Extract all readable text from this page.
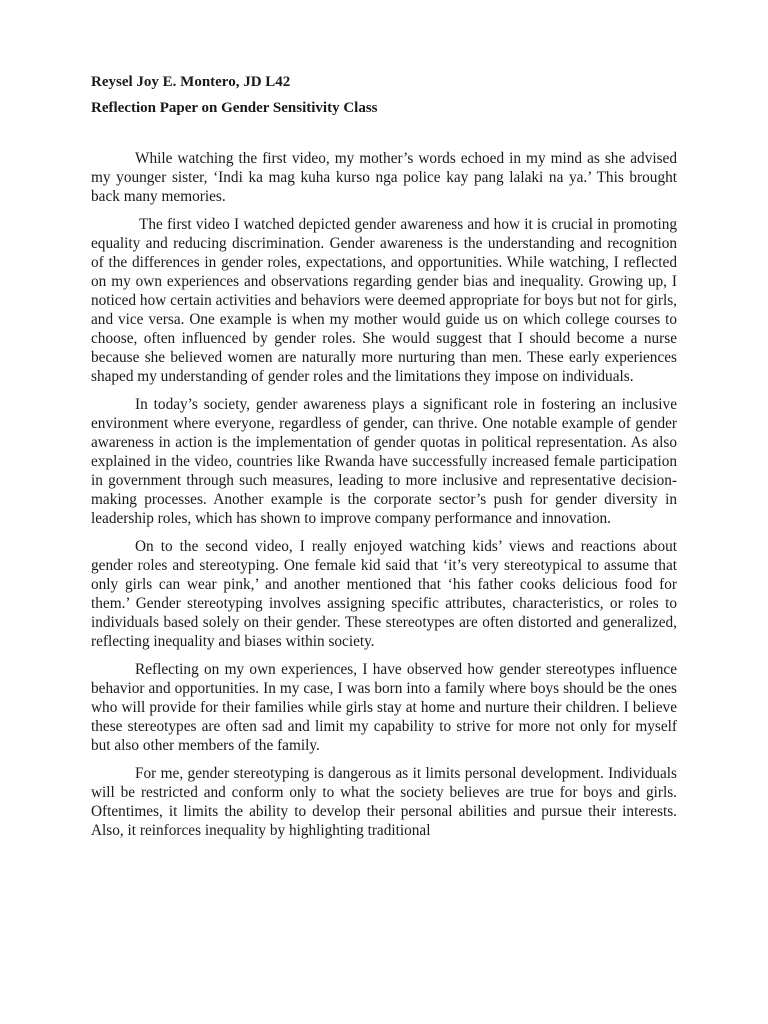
Reysel Joy E. Montero, JD L42

Reflection Paper on Gender Sensitivity Class

While watching the first video, my mother’s words echoed in my mind as she advised my younger sister, ‘Indi ka mag kuha kurso nga police kay pang lalaki na ya.’ This brought back many memories.

The first video I watched depicted gender awareness and how it is crucial in promoting equality and reducing discrimination. Gender awareness is the understanding and recognition of the differences in gender roles, expectations, and opportunities. While watching, I reflected on my own experiences and observations regarding gender bias and inequality. Growing up, I noticed how certain activities and behaviors were deemed appropriate for boys but not for girls, and vice versa. One example is when my mother would guide us on which college courses to choose, often influenced by gender roles. She would suggest that I should become a nurse because she believed women are naturally more nurturing than men. These early experiences shaped my understanding of gender roles and the limitations they impose on individuals.

In today’s society, gender awareness plays a significant role in fostering an inclusive environment where everyone, regardless of gender, can thrive. One notable example of gender awareness in action is the implementation of gender quotas in political representation. As also explained in the video, countries like Rwanda have successfully increased female participation in government through such measures, leading to more inclusive and representative decision-making processes. Another example is the corporate sector’s push for gender diversity in leadership roles, which has shown to improve company performance and innovation.

On to the second video, I really enjoyed watching kids’ views and reactions about gender roles and stereotyping. One female kid said that ‘it’s very stereotypical to assume that only girls can wear pink,’ and another mentioned that ‘his father cooks delicious food for them.’ Gender stereotyping involves assigning specific attributes, characteristics, or roles to individuals based solely on their gender. These stereotypes are often distorted and generalized, reflecting inequality and biases within society.

Reflecting on my own experiences, I have observed how gender stereotypes influence behavior and opportunities. In my case, I was born into a family where boys should be the ones who will provide for their families while girls stay at home and nurture their children. I believe these stereotypes are often sad and limit my capability to strive for more not only for myself but also other members of the family.

For me, gender stereotyping is dangerous as it limits personal development. Individuals will be restricted and conform only to what the society believes are true for boys and girls. Oftentimes, it limits the ability to develop their personal abilities and pursue their interests. Also, it reinforces inequality by highlighting traditional
